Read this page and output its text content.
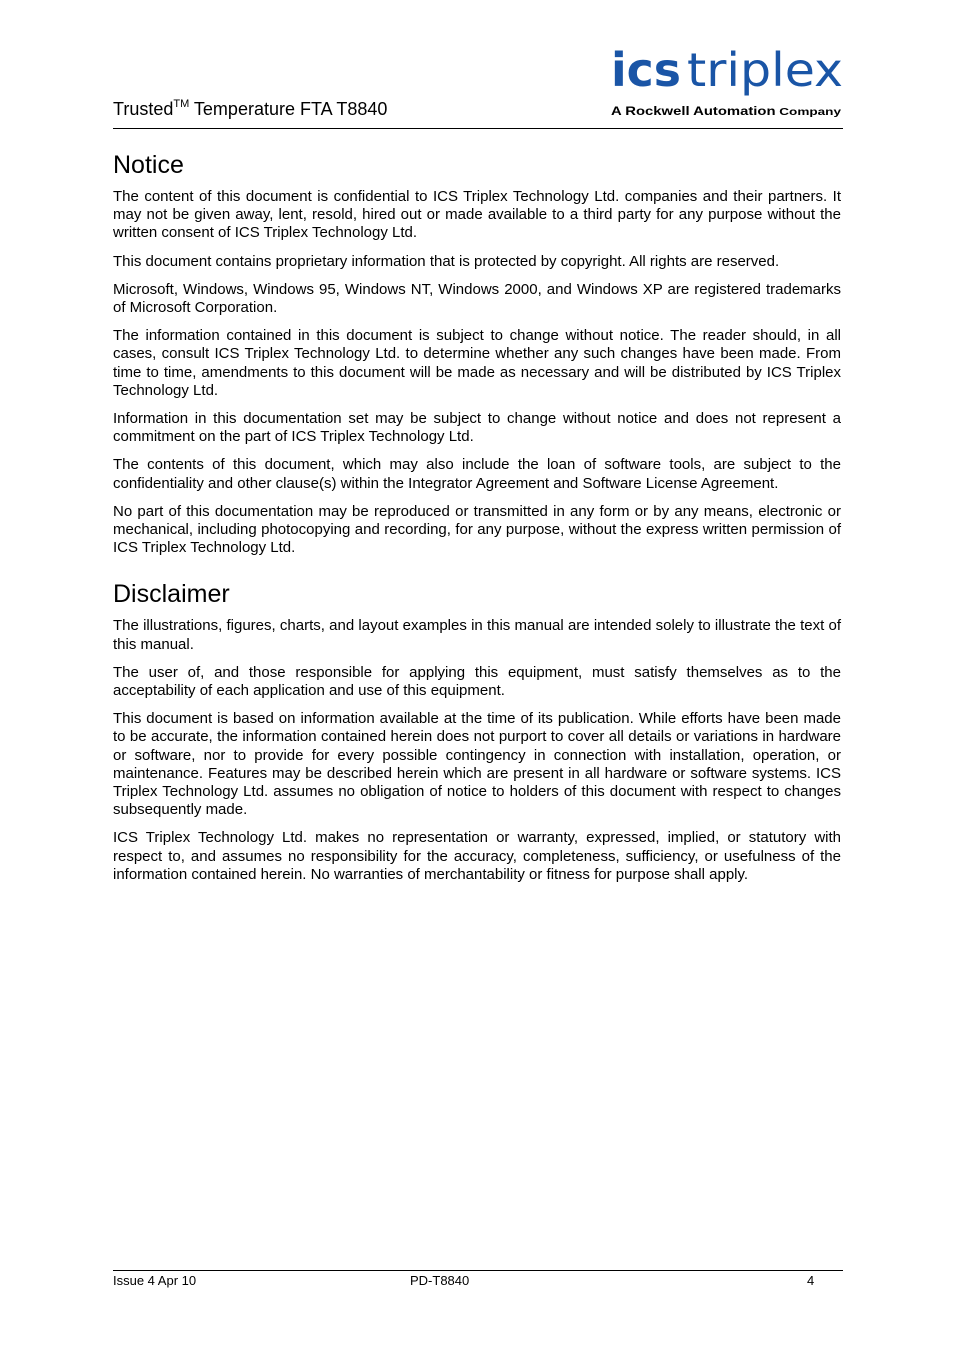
Trusted™ Temperature FTA T8840
ics triplex
A Rockwell Automation	Company
Notice

The content of this document is confidential to ICS Triplex Technology Ltd. companies and their partners. It may not be given away, lent, resold, hired out or made available to a third party for any purpose without the written consent of ICS Triplex Technology Ltd.

This document contains proprietary information that is protected by copyright. All rights are reserved.

Microsoft, Windows, Windows 95, Windows NT, Windows 2000, and Windows XP are registered trademarks of Microsoft Corporation.

The information contained in this document is subject to change without notice. The reader should, in all cases, consult ICS Triplex Technology Ltd. to determine whether any such changes have been made. From time to time, amendments to this document will be made as necessary and will be distributed by ICS Triplex Technology Ltd.

Information in this documentation set may be subject to change without notice and does not represent a commitment on the part of ICS Triplex Technology Ltd.

The contents of this document, which may also include the loan of software tools, are subject to the confidentiality and other clause(s) within the Integrator Agreement and Software License Agreement.

No part of this documentation may be reproduced or transmitted in any form or by any means, electronic or mechanical, including photocopying and recording, for any purpose, without the express written permission of ICS Triplex Technology Ltd.

Disclaimer

The illustrations, figures, charts, and layout examples in this manual are intended solely to illustrate the text of this manual.

The user of, and those responsible for applying this equipment, must satisfy themselves as to the acceptability of each application and use of this equipment.

This document is based on information available at the time of its publication. While efforts have been made to be accurate, the information contained herein does not purport to cover all details or variations in hardware or software, nor to provide for every possible contingency in connection with installation, operation, or maintenance. Features may be described herein which are present in all hardware or software systems. ICS Triplex Technology Ltd. assumes no obligation of notice to holders of this document with respect to changes subsequently made.

ICS Triplex Technology Ltd. makes no representation or warranty, expressed, implied, or statutory with respect to, and assumes no responsibility for the accuracy, completeness, sufficiency, or usefulness of the information contained herein. No warranties of merchantability or fitness for purpose shall apply.

Issue 4 Apr 10	PD-T8840	4
